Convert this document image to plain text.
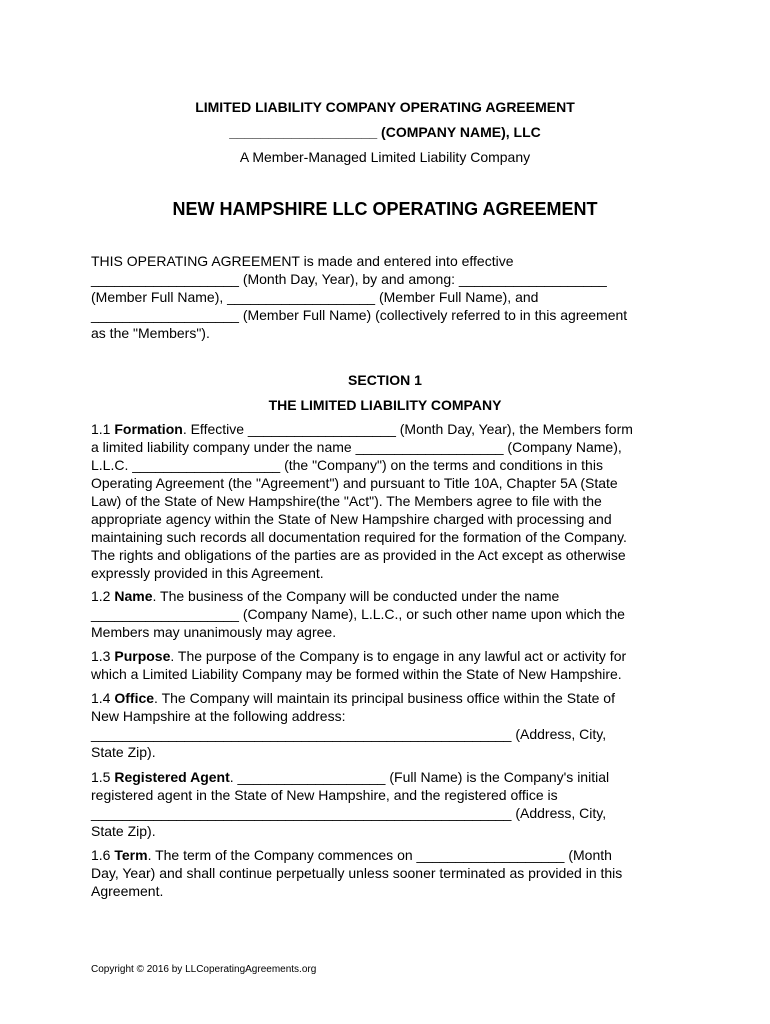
LIMITED LIABILITY COMPANY OPERATING AGREEMENT
___________________ (COMPANY NAME), LLC
A Member-Managed Limited Liability Company
NEW HAMPSHIRE LLC OPERATING AGREEMENT
THIS OPERATING AGREEMENT is made and entered into effective
___________________ (Month Day, Year), by and among: ___________________
(Member Full Name), ___________________ (Member Full Name), and
___________________ (Member Full Name) (collectively referred to in this agreement
as the "Members").
SECTION 1
THE LIMITED LIABILITY COMPANY
1.1 Formation. Effective ___________________ (Month Day, Year), the Members form
a limited liability company under the name ___________________ (Company Name),
L.L.C. ___________________ (the "Company") on the terms and conditions in this
Operating Agreement (the "Agreement") and pursuant to Title 10A, Chapter 5A (State
Law) of the State of New Hampshire(the "Act"). The Members agree to file with the
appropriate agency within the State of New Hampshire charged with processing and
maintaining such records all documentation required for the formation of the Company.
The rights and obligations of the parties are as provided in the Act except as otherwise
expressly provided in this Agreement.
1.2 Name. The business of the Company will be conducted under the name
___________________ (Company Name), L.L.C., or such other name upon which the
Members may unanimously may agree.
1.3 Purpose. The purpose of the Company is to engage in any lawful act or activity for
which a Limited Liability Company may be formed within the State of New Hampshire.
1.4 Office. The Company will maintain its principal business office within the State of
New Hampshire at the following address:
______________________________________________________ (Address, City,
State Zip).
1.5 Registered Agent. ___________________ (Full Name) is the Company's initial
registered agent in the State of New Hampshire, and the registered office is
______________________________________________________ (Address, City,
State Zip).
1.6 Term. The term of the Company commences on ___________________ (Month
Day, Year) and shall continue perpetually unless sooner terminated as provided in this
Agreement.
Copyright © 2016 by LLCoperatingAgreements.org
